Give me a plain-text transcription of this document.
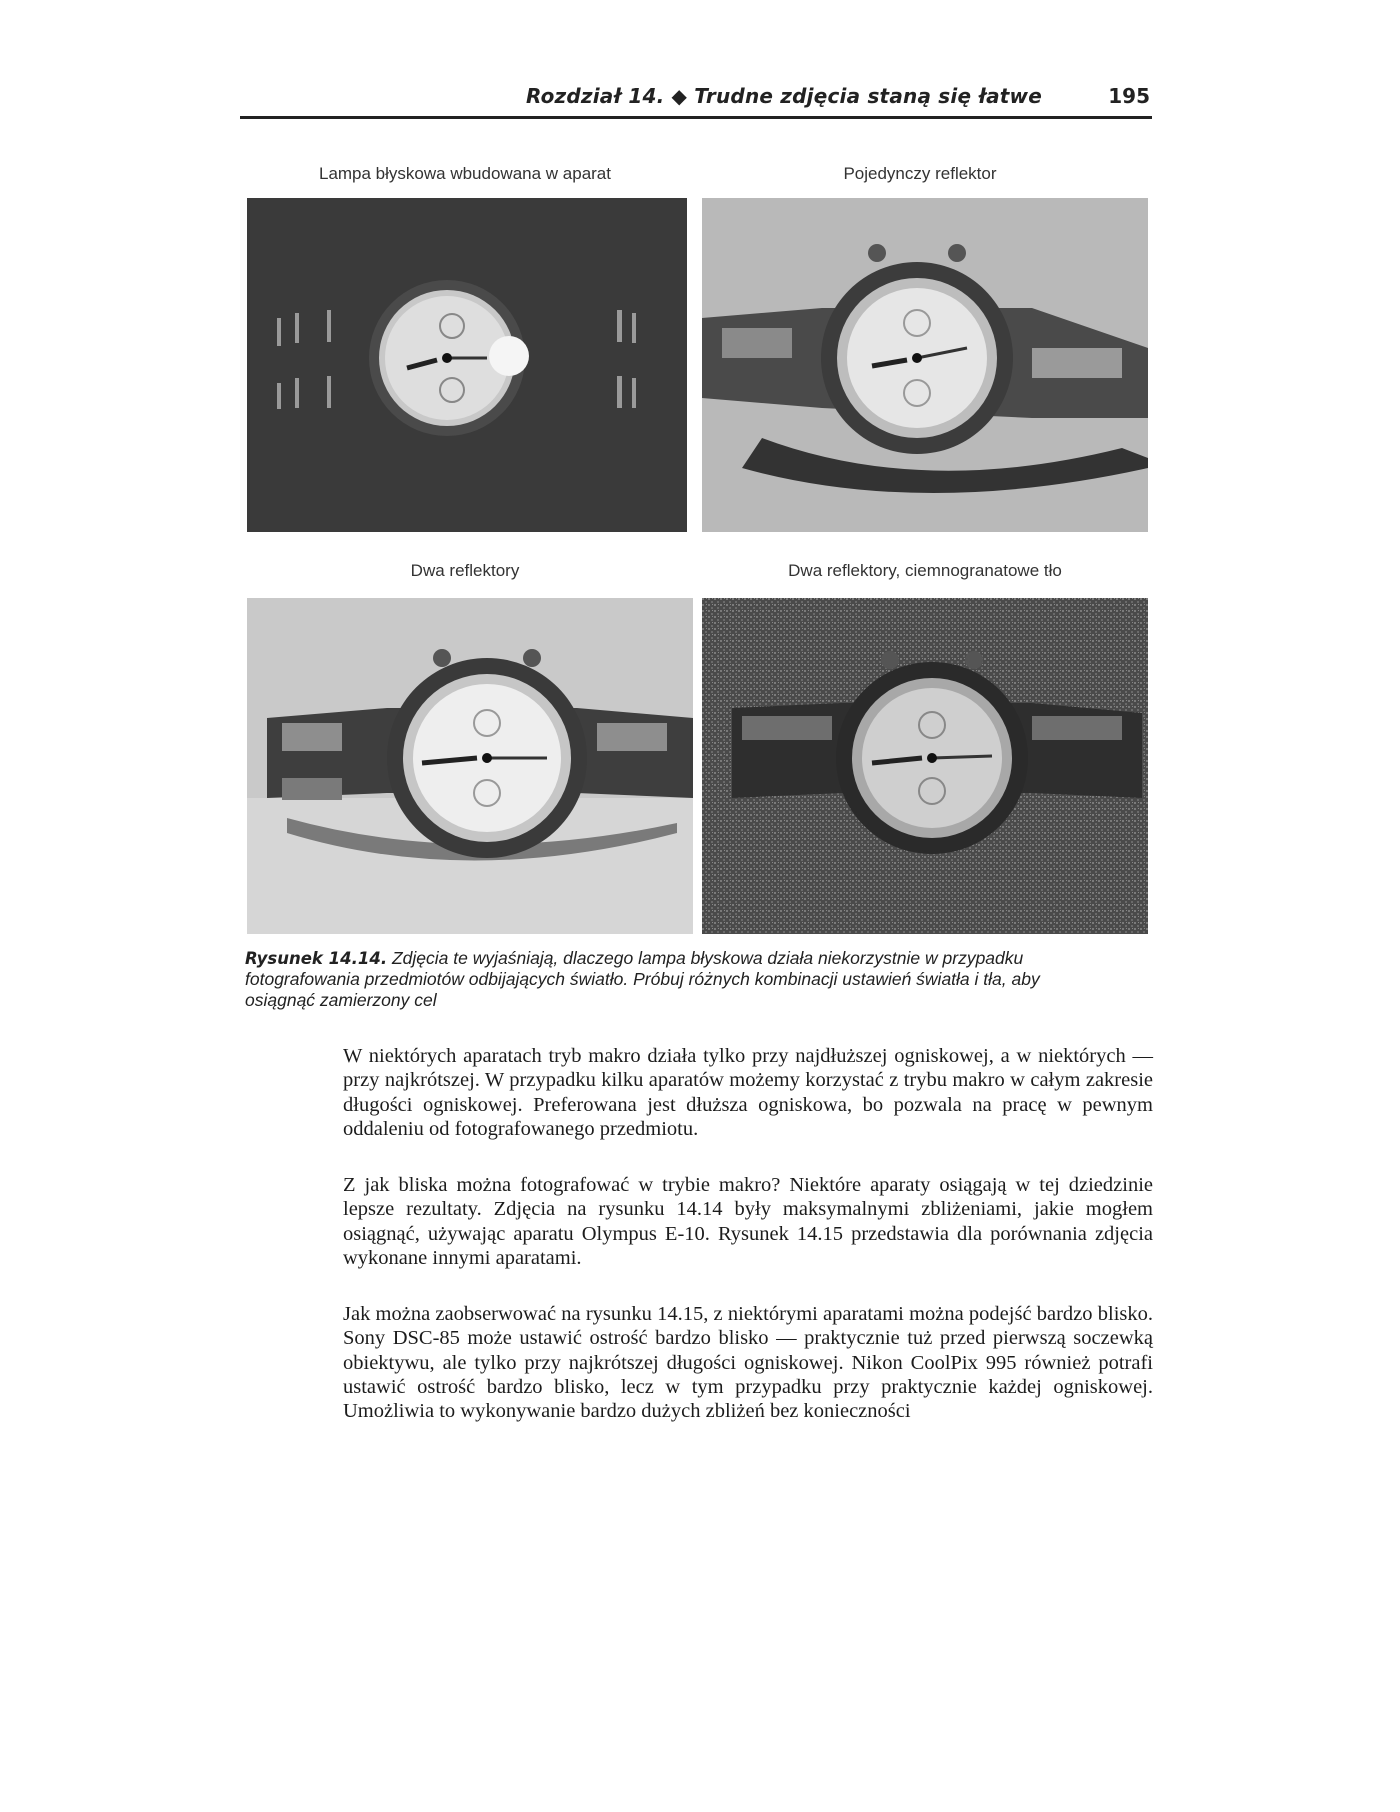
Rozdział 14. ◆ Trudne zdjęcia staną się łatwe	195
Lampa błyskowa wbudowana w aparat	Pojedynczy reflektor
Dwa reflektory	Dwa reflektory, ciemnogranatowe tło
Rysunek 14.14. Zdjęcia te wyjaśniają, dlaczego lampa błyskowa działa niekorzystnie w przypadku fotografowania przedmiotów odbijających światło. Próbuj różnych kombinacji ustawień światła i tła, aby osiągnąć zamierzony cel
W niektórych aparatach tryb makro działa tylko przy najdłuższej ogniskowej, a w niektórych — przy najkrótszej. W przypadku kilku aparatów możemy korzystać z trybu makro w całym zakresie długości ogniskowej. Preferowana jest dłuższa ogniskowa, bo pozwala na pracę w pewnym oddaleniu od fotografowanego przedmiotu.
Z jak bliska można fotografować w trybie makro? Niektóre aparaty osiągają w tej dziedzinie lepsze rezultaty. Zdjęcia na rysunku 14.14 były maksymalnymi zbliżeniami, jakie mogłem osiągnąć, używając aparatu Olympus E-10. Rysunek 14.15 przedstawia dla porównania zdjęcia wykonane innymi aparatami.
Jak można zaobserwować na rysunku 14.15, z niektórymi aparatami można podejść bardzo blisko. Sony DSC-85 może ustawić ostrość bardzo blisko — praktycznie tuż przed pierwszą soczewką obiektywu, ale tylko przy najkrótszej długości ogniskowej. Nikon CoolPix 995 również potrafi ustawić ostrość bardzo blisko, lecz w tym przypadku przy praktycznie każdej ogniskowej. Umożliwia to wykonywanie bardzo dużych zbliżeń bez konieczności
